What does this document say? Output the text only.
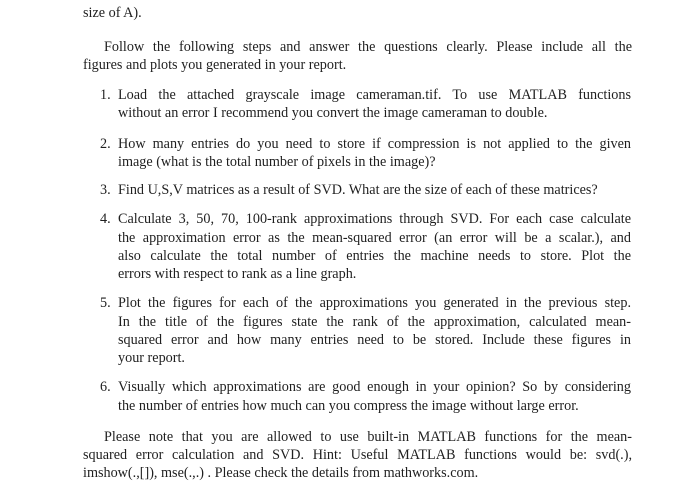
size of A).
Follow the following steps and answer the questions clearly. Please include all the
figures and plots you generated in your report.
1. Load the attached grayscale image cameraman.tif. To use MATLAB functions
without an error I recommend you convert the image cameraman to double.
2. How many entries do you need to store if compression is not applied to the given
image (what is the total number of pixels in the image)?
3. Find U,S,V matrices as a result of SVD. What are the size of each of these matrices?
4. Calculate 3, 50, 70, 100-rank approximations through SVD. For each case calculate
the approximation error as the mean-squared error (an error will be a scalar.), and
also calculate the total number of entries the machine needs to store. Plot the
errors with respect to rank as a line graph.
5. Plot the figures for each of the approximations you generated in the previous step.
In the title of the figures state the rank of the approximation, calculated mean-
squared error and how many entries need to be stored. Include these figures in
your report.
6. Visually which approximations are good enough in your opinion? So by considering
the number of entries how much can you compress the image without large error.
Please note that you are allowed to use built-in MATLAB functions for the mean-
squared error calculation and SVD. Hint: Useful MATLAB functions would be: svd(.),
imshow(.,[]), mse(.,.) . Please check the details from mathworks.com.
